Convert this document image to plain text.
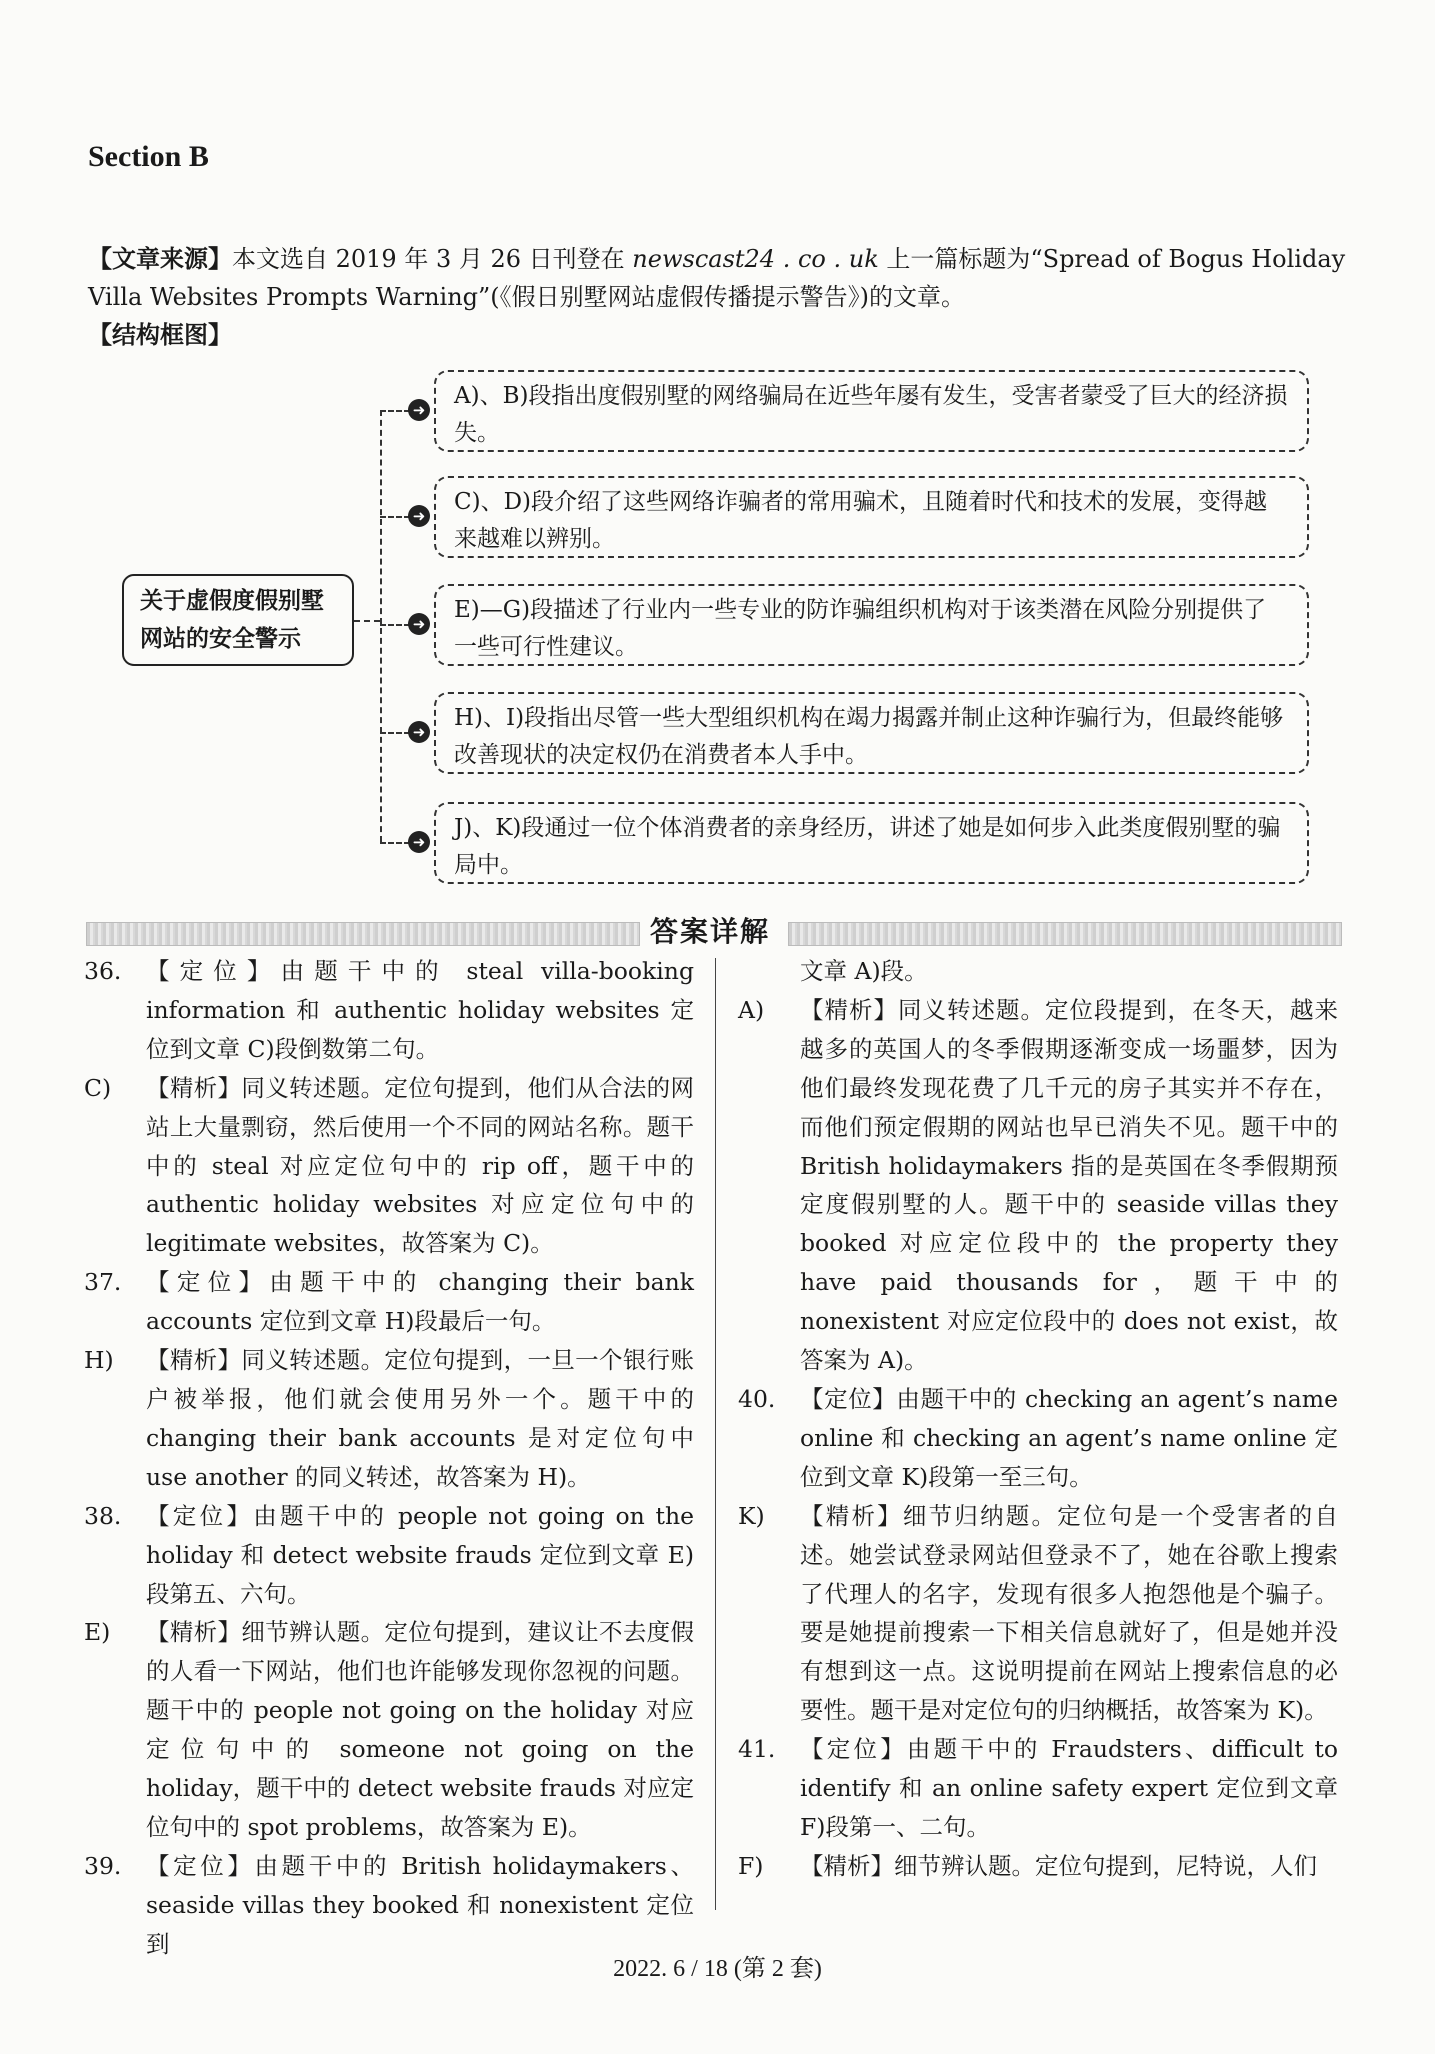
Section B

【文章来源】本文选自 2019 年 3 月 26 日刊登在 newscast24 . co . uk 上一篇标题为“Spread of Bogus Holiday Villa Websites Prompts Warning”(《假日别墅网站虚假传播提示警告》)的文章。

【结构框图】

关于虚假度假别墅
网站的安全警示
➜
A)、B)段指出度假别墅的网络骗局在近些年屡有发生，受害者蒙受了巨大的经济损失。
➜
C)、D)段介绍了这些网络诈骗者的常用骗术，且随着时代和技术的发展，变得越来越难以辨别。
➜
E)—G)段描述了行业内一些专业的防诈骗组织机构对于该类潜在风险分别提供了一些可行性建议。
➜
H)、I)段指出尽管一些大型组织机构在竭力揭露并制止这种诈骗行为，但最终能够改善现状的决定权仍在消费者本人手中。
➜
J)、K)段通过一位个体消费者的亲身经历，讲述了她是如何步入此类度假别墅的骗局中。
答案详解
36.	【定位】由题干中的 steal villa-booking information 和 authentic holiday websites 定位到文章 C)段倒数第二句。
C)	【精析】同义转述题。定位句提到，他们从合法的网站上大量剽窃，然后使用一个不同的网站名称。题干中的 steal 对应定位句中的 rip off，题干中的 authentic holiday websites 对应定位句中的 legitimate websites，故答案为 C)。
37.	【定位】由题干中的 changing their bank accounts 定位到文章 H)段最后一句。
H)	【精析】同义转述题。定位句提到，一旦一个银行账户被举报，他们就会使用另外一个。题干中的 changing their bank accounts 是对定位句中 use another 的同义转述，故答案为 H)。
38.	【定位】由题干中的 people not going on the holiday 和 detect website frauds 定位到文章 E)段第五、六句。
E)	【精析】细节辨认题。定位句提到，建议让不去度假的人看一下网站，他们也许能够发现你忽视的问题。题干中的 people not going on the holiday 对应定位句中的 someone not going on the holiday，题干中的 detect website frauds 对应定位句中的 spot problems，故答案为 E)。
39.	【定位】由题干中的 British holidaymakers、seaside villas they booked 和 nonexistent 定位到
文章 A)段。
A)	【精析】同义转述题。定位段提到，在冬天，越来越多的英国人的冬季假期逐渐变成一场噩梦，因为他们最终发现花费了几千元的房子其实并不存在，而他们预定假期的网站也早已消失不见。题干中的 British holidaymakers 指的是英国在冬季假期预定度假别墅的人。题干中的 seaside villas they booked 对应定位段中的 the property they have paid thousands for，题干中的 nonexistent 对应定位段中的 does not exist，故答案为 A)。
40.	【定位】由题干中的 checking an agent’s name online 和 checking an agent’s name online 定位到文章 K)段第一至三句。
K)	【精析】细节归纳题。定位句是一个受害者的自述。她尝试登录网站但登录不了，她在谷歌上搜索了代理人的名字，发现有很多人抱怨他是个骗子。要是她提前搜索一下相关信息就好了，但是她并没有想到这一点。这说明提前在网站上搜索信息的必要性。题干是对定位句的归纳概括，故答案为 K)。
41.	【定位】由题干中的 Fraudsters、difficult to identify 和 an online safety expert 定位到文章 F)段第一、二句。
F)	【精析】细节辨认题。定位句提到，尼特说，人们
2022. 6 / 18 (第 2 套)
